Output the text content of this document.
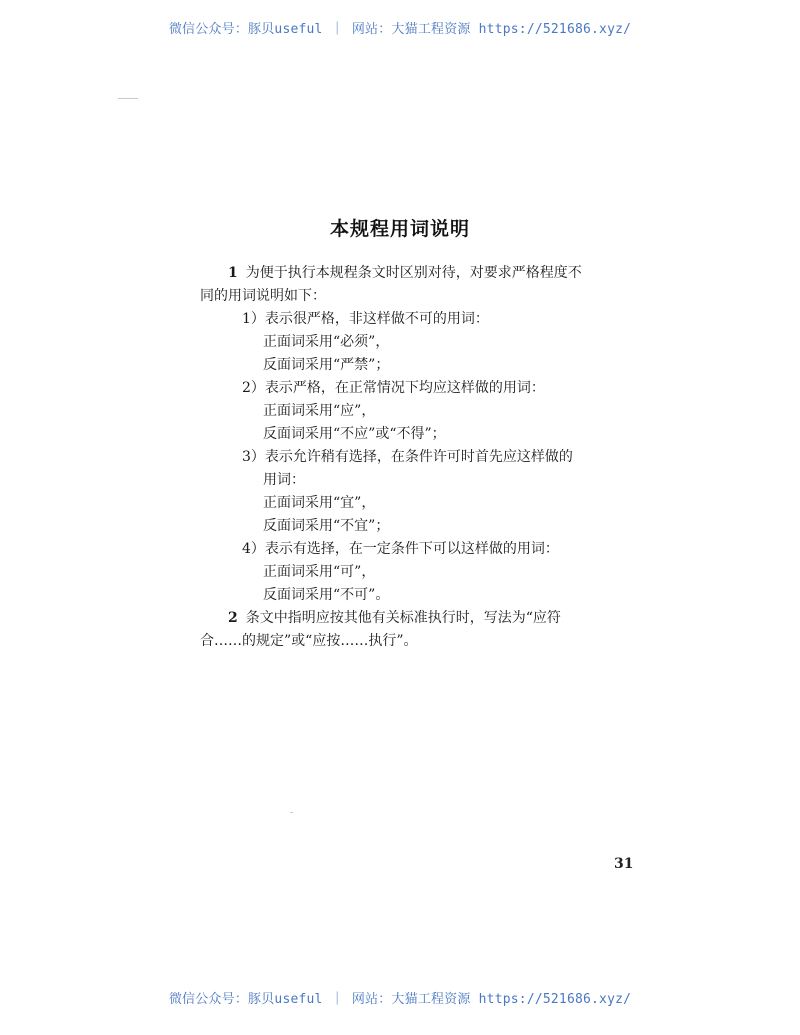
微信公众号：豚贝useful ｜ 网站：大猫工程资源 https://521686.xyz/
本规程用词说明
1 为便于执行本规程条文时区别对待，对要求严格程度不
同的用词说明如下：
1）表示很严格，非这样做不可的用词：
正面词采用“必须”，
反面词采用“严禁”；
2）表示严格，在正常情况下均应这样做的用词：
正面词采用“应”，
反面词采用“不应”或“不得”；
3）表示允许稍有选择，在条件许可时首先应这样做的
用词：
正面词采用“宜”，
反面词采用“不宜”；
4）表示有选择，在一定条件下可以这样做的用词：
正面词采用“可”，
反面词采用“不可”。
2 条文中指明应按其他有关标准执行时，写法为“应符
合……的规定”或“应按……执行”。
31
微信公众号：豚贝useful ｜ 网站：大猫工程资源 https://521686.xyz/
